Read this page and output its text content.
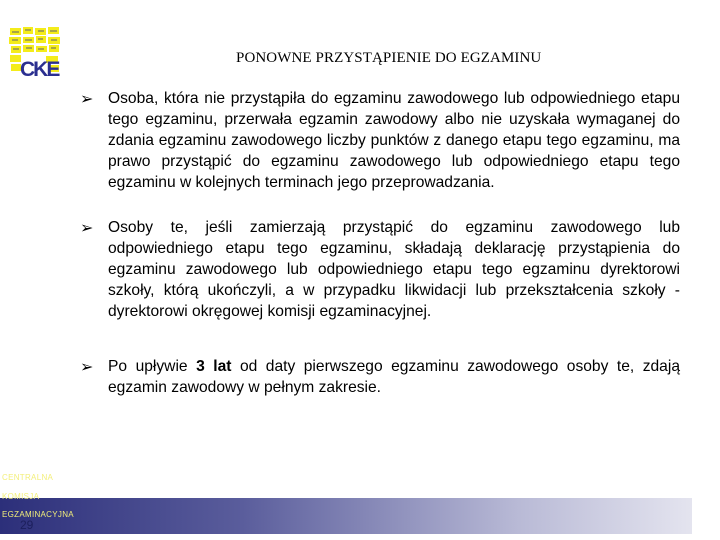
CKE	PONOWNE PRZYSTĄPIENIE DO EGZAMINU
➢ Osoba, która nie przystąpiła do egzaminu zawodowego lub odpowiedniego etapu tego egzaminu, przerwała egzamin zawodowy albo nie uzyskała wymaganej do zdania egzaminu zawodowego liczby punktów z danego etapu tego egzaminu, ma prawo przystąpić do egzaminu zawodowego lub odpowiedniego etapu tego egzaminu w kolejnych terminach jego przeprowadzania.
➢ Osoby te, jeśli zamierzają przystąpić do egzaminu zawodowego lub odpowiedniego etapu tego egzaminu, składają deklarację przystąpienia do egzaminu zawodowego lub odpowiedniego etapu tego egzaminu dyrektorowi szkoły, którą ukończyli, a w przypadku likwidacji lub przekształcenia szkoły - dyrektorowi okręgowej komisji egzaminacyjnej.
➢ Po upływie 3 lat od daty pierwszego egzaminu zawodowego osoby te, zdają egzamin zawodowy w pełnym zakresie.
CENTRALNA
KOMISJA
EGZAMINACYJNA
29
